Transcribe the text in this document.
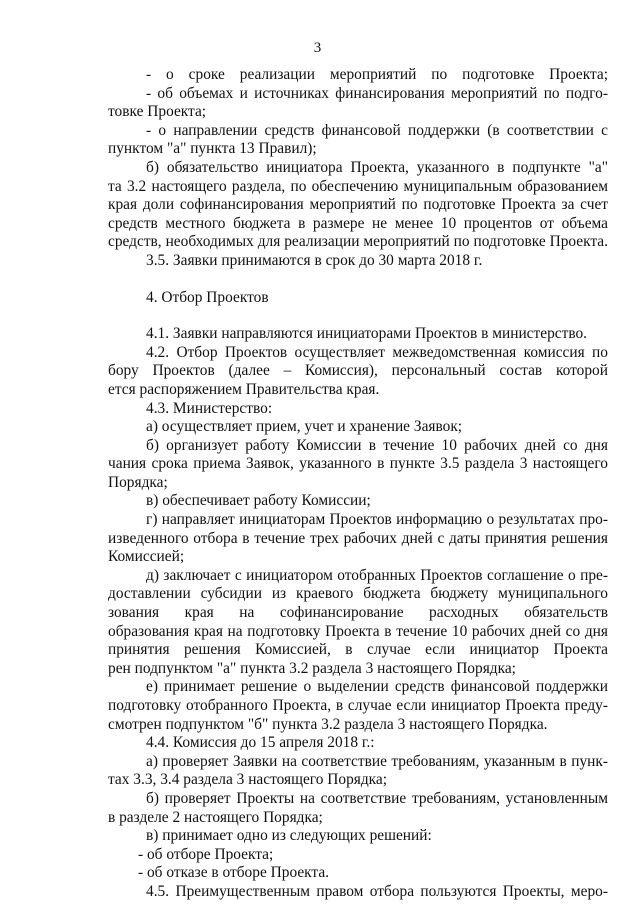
3
- о сроке реализации мероприятий по подготовке Проекта;
- об объемах и источниках финансирования мероприятий по подго-
товке Проекта;
- о направлении средств финансовой поддержки (в соответствии с
пунктом "а" пункта 13 Правил);
б) обязательство инициатора Проекта, указанного в подпункте "а"
та 3.2 настоящего раздела, по обеспечению муниципальным образованием
края доли софинансирования мероприятий по подготовке Проекта за счет
средств местного бюджета в размере не менее 10 процентов от объема
средств, необходимых для реализации мероприятий по подготовке Проекта.
3.5. Заявки принимаются в срок до 30 марта 2018 г.
4. Отбор Проектов
4.1. Заявки направляются инициаторами Проектов в министерство.
4.2. Отбор Проектов осуществляет межведомственная комиссия по
бору Проектов (далее – Комиссия), персональный состав которой
ется распоряжением Правительства края.
4.3. Министерство:
а) осуществляет прием, учет и хранение Заявок;
б) организует работу Комиссии в течение 10 рабочих дней со дня
чания срока приема Заявок, указанного в пункте 3.5 раздела 3 настоящего
Порядка;
в) обеспечивает работу Комиссии;
г) направляет инициаторам Проектов информацию о результатах про-
изведенного отбора в течение трех рабочих дней с даты принятия решения
Комиссией;
д) заключает с инициатором отобранных Проектов соглашение о пре-
доставлении субсидии из краевого бюджета бюджету муниципального
зования края на софинансирование расходных обязательств
образования края на подготовку Проекта в течение 10 рабочих дней со дня
принятия решения Комиссией, в случае если инициатор Проекта
рен подпунктом "а" пункта 3.2 раздела 3 настоящего Порядка;
е) принимает решение о выделении средств финансовой поддержки
подготовку отобранного Проекта, в случае если инициатор Проекта преду-
смотрен подпунктом "б" пункта 3.2 раздела 3 настоящего Порядка.
4.4. Комиссия до 15 апреля 2018 г.:
а) проверяет Заявки на соответствие требованиям, указанным в пунк-
тах 3.3, 3.4 раздела 3 настоящего Порядка;
б) проверяет Проекты на соответствие требованиям, установленным
в разделе 2 настоящего Порядка;
в) принимает одно из следующих решений:
- об отборе Проекта;
- об отказе в отборе Проекта.
4.5. Преимущественным правом отбора пользуются Проекты, меро-
